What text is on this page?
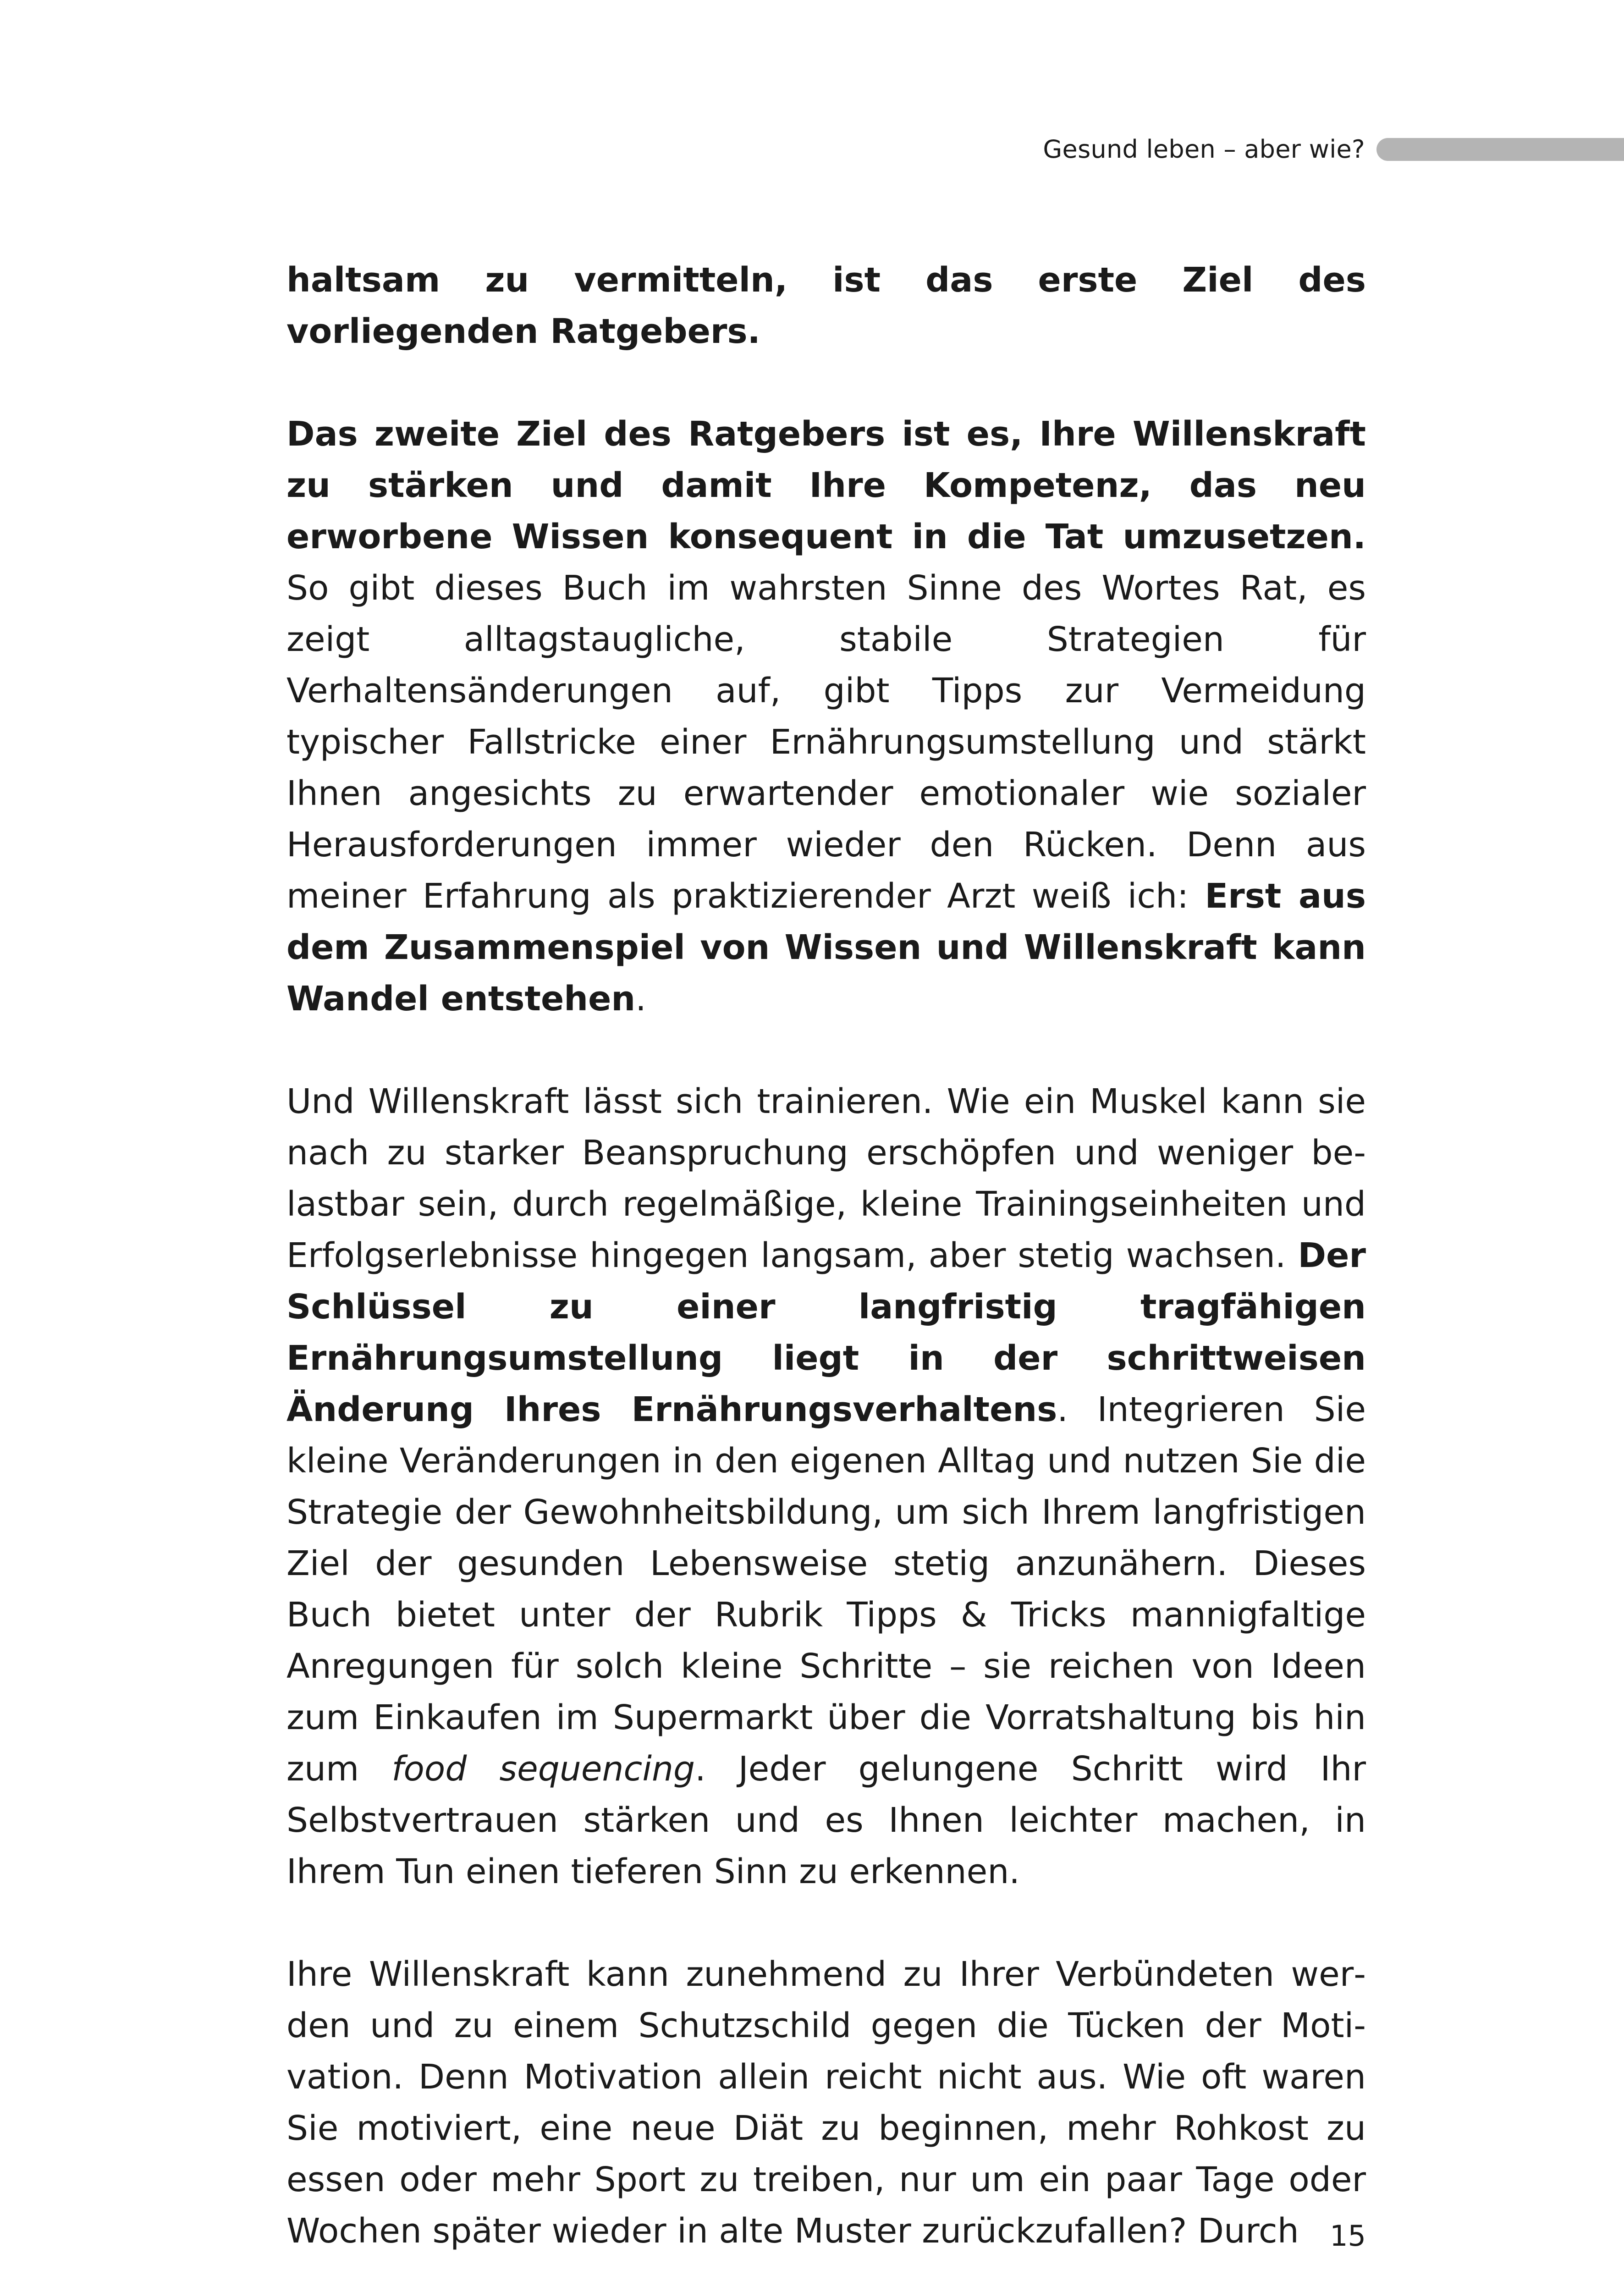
Gesund leben – aber wie?

haltsam zu vermitteln, ist das erste Ziel des vorliegenden Ratgebers.

Das zweite Ziel des Ratgebers ist es, Ihre Willenskraft zu stärken und damit Ihre Kompetenz, das neu erworbene Wissen konsequent in die Tat umzusetzen. So gibt dieses Buch im wahrsten Sinne des Wortes Rat, es zeigt alltagstaugliche, stabile Strategien für Verhaltensänderungen auf, gibt Tipps zur Vermeidung typischer Fallstricke einer Ernährungsumstellung und stärkt Ihnen angesichts zu erwartender emotionaler wie sozialer Herausforderungen immer wieder den Rücken. Denn aus meiner Erfahrung als praktizierender Arzt weiß ich: Erst aus dem Zusammenspiel von Wissen und Willenskraft kann Wandel entstehen.

Und Willenskraft lässt sich trainieren. Wie ein Muskel kann sie nach zu starker Beanspruchung erschöpfen und weniger belastbar sein, durch regelmäßige, kleine Trainingseinheiten und Erfolgserlebnisse hingegen langsam, aber stetig wachsen. Der Schlüssel zu einer langfristig tragfähigen Ernährungsumstellung liegt in der schrittweisen Änderung Ihres Ernährungsverhaltens. Integrieren Sie kleine Veränderungen in den eigenen Alltag und nutzen Sie die Strategie der Gewohnheitsbildung, um sich Ihrem langfristigen Ziel der gesunden Lebensweise stetig anzunähern. Dieses Buch bietet unter der Rubrik Tipps & Tricks mannigfaltige Anregungen für solch kleine Schritte – sie reichen von Ideen zum Einkaufen im Supermarkt über die Vorratshaltung bis hin zum food sequencing. Jeder gelungene Schritt wird Ihr Selbstvertrauen stärken und es Ihnen leichter machen, in Ihrem Tun einen tieferen Sinn zu erkennen.

Ihre Willenskraft kann zunehmend zu Ihrer Verbündeten werden und zu einem Schutzschild gegen die Tücken der Motivation. Denn Motivation allein reicht nicht aus. Wie oft waren Sie motiviert, eine neue Diät zu beginnen, mehr Rohkost zu essen oder mehr Sport zu treiben, nur um ein paar Tage oder Wochen später wieder in alte Muster zurückzufallen? Durch	15
